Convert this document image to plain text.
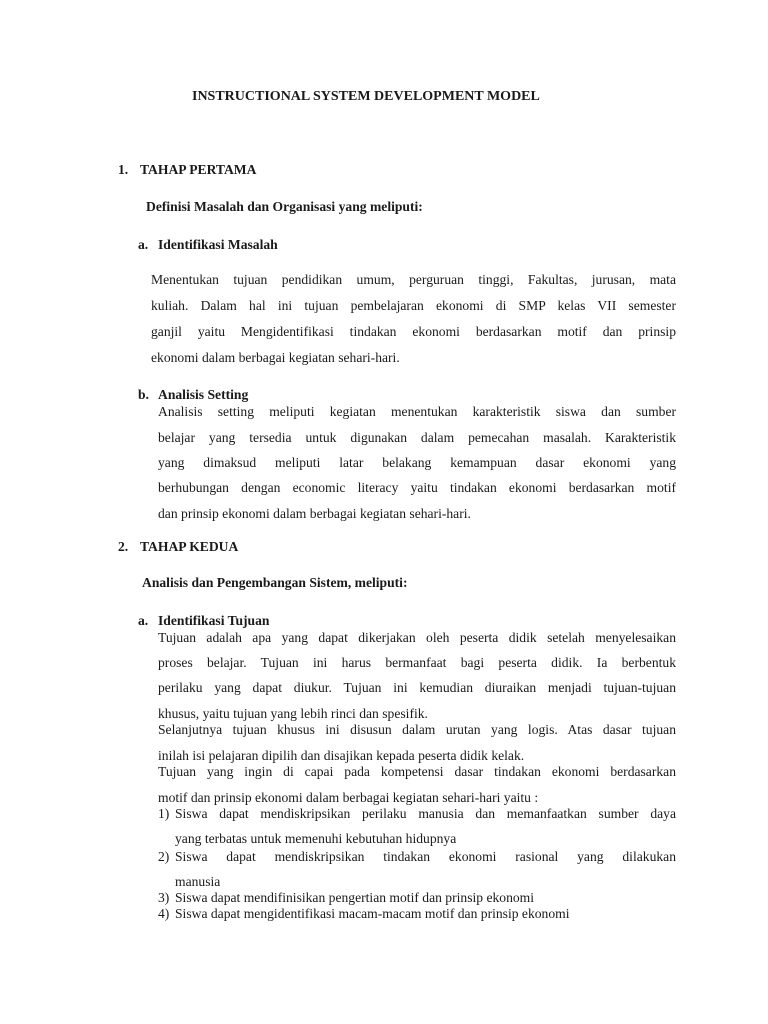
INSTRUCTIONAL SYSTEM DEVELOPMENT MODEL
1. TAHAP PERTAMA
Definisi Masalah dan Organisasi yang meliputi:
a. Identifikasi Masalah
Menentukan tujuan pendidikan umum, perguruan tinggi, Fakultas, jurusan, mata
kuliah. Dalam hal ini tujuan pembelajaran ekonomi di SMP kelas VII semester
ganjil yaitu Mengidentifikasi tindakan ekonomi berdasarkan motif dan prinsip
ekonomi dalam berbagai kegiatan sehari-hari.
b. Analisis Setting
Analisis setting meliputi kegiatan menentukan karakteristik siswa dan sumber
belajar yang tersedia untuk digunakan dalam pemecahan masalah. Karakteristik
yang dimaksud meliputi latar belakang kemampuan dasar ekonomi yang
berhubungan dengan economic literacy yaitu tindakan ekonomi berdasarkan motif
dan prinsip ekonomi dalam berbagai kegiatan sehari-hari.
2. TAHAP KEDUA
Analisis dan Pengembangan Sistem, meliputi:
a. Identifikasi Tujuan
Tujuan adalah apa yang dapat dikerjakan oleh peserta didik setelah menyelesaikan
proses belajar. Tujuan ini harus bermanfaat bagi peserta didik. Ia berbentuk
perilaku yang dapat diukur. Tujuan ini kemudian diuraikan menjadi tujuan-tujuan
khusus, yaitu tujuan yang lebih rinci dan spesifik.
Selanjutnya tujuan khusus ini disusun dalam urutan yang logis. Atas dasar tujuan
inilah isi pelajaran dipilih dan disajikan kepada peserta didik kelak.
Tujuan yang ingin di capai pada kompetensi dasar tindakan ekonomi berdasarkan
motif dan prinsip ekonomi dalam berbagai kegiatan sehari-hari yaitu :
1) Siswa dapat mendiskripsikan perilaku manusia dan memanfaatkan sumber daya
yang terbatas untuk memenuhi kebutuhan hidupnya
2) Siswa dapat mendiskripsikan tindakan ekonomi rasional yang dilakukan
manusia
3) Siswa dapat mendifinisikan pengertian motif dan prinsip ekonomi
4) Siswa dapat mengidentifikasi macam-macam motif dan prinsip ekonomi
